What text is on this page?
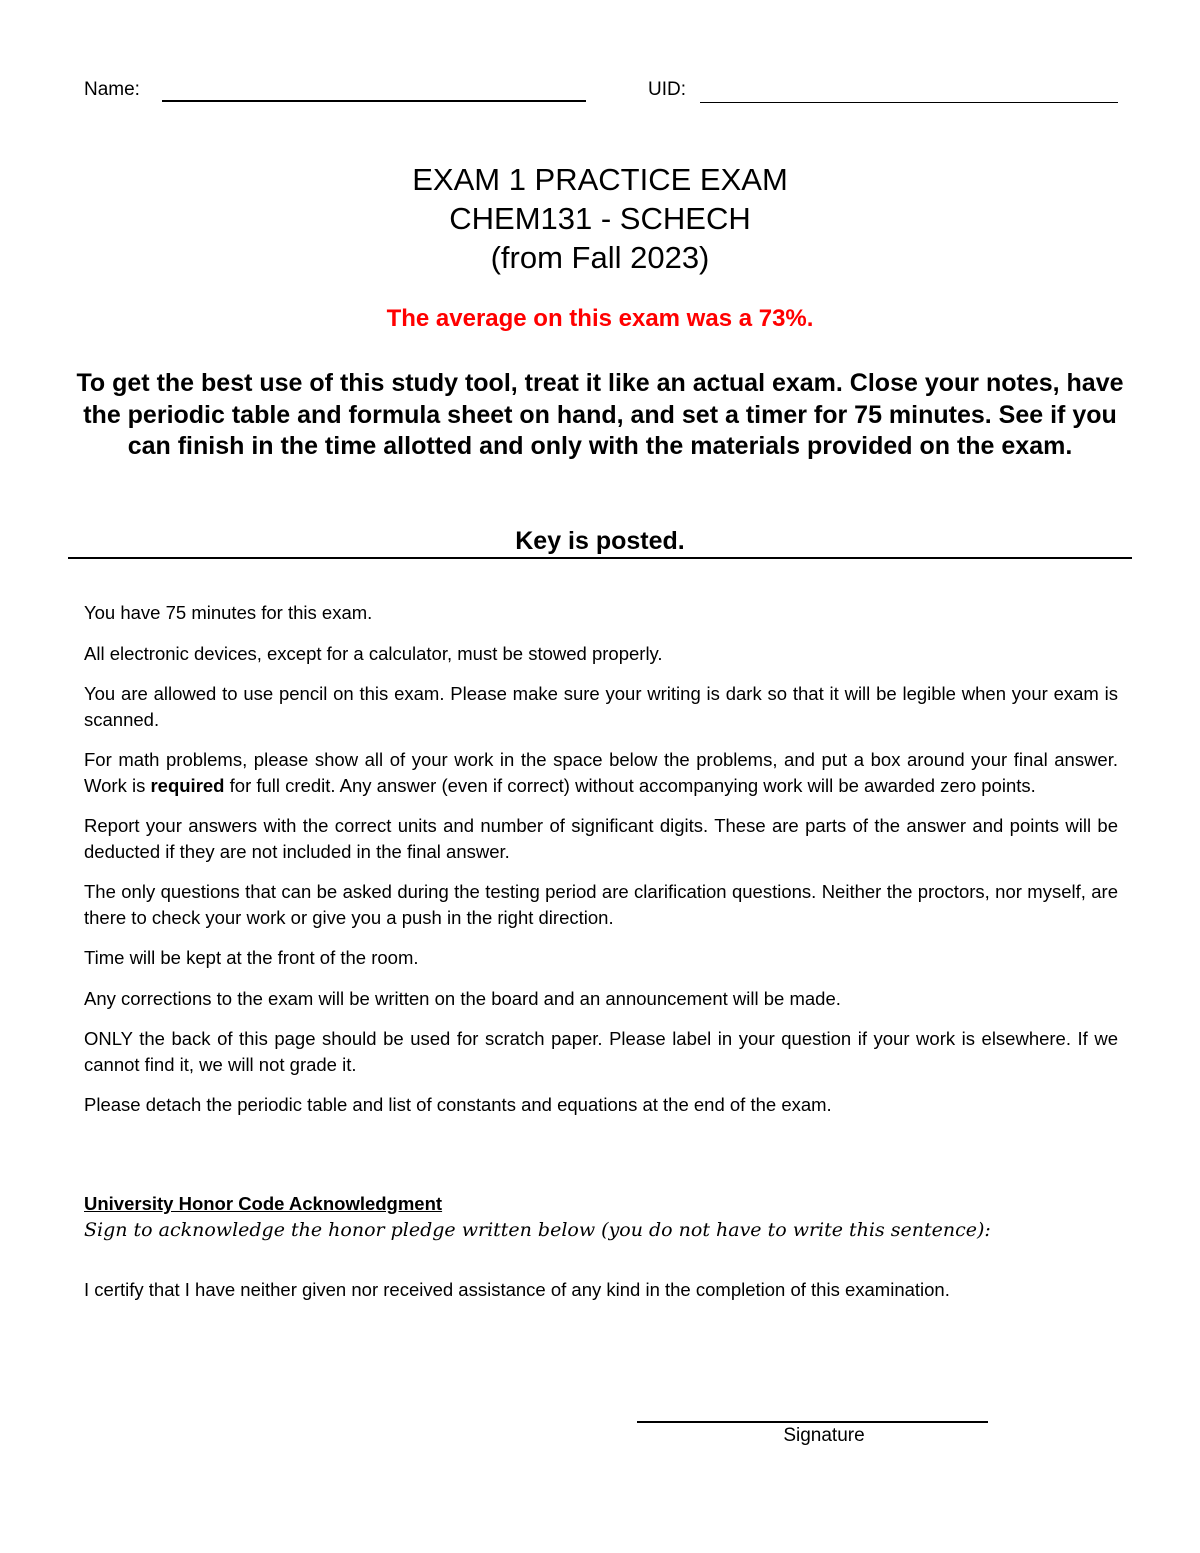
Name:	UID:
EXAM 1 PRACTICE EXAM
CHEM131 - SCHECH
(from Fall 2023)
The average on this exam was a 73%.
To get the best use of this study tool, treat it like an actual exam. Close your notes, have the periodic table and formula sheet on hand, and set a timer for 75 minutes. See if you can finish in the time allotted and only with the materials provided on the exam.
Key is posted.

You have 75 minutes for this exam.

All electronic devices, except for a calculator, must be stowed properly.

You are allowed to use pencil on this exam. Please make sure your writing is dark so that it will be legible when your exam is scanned.

For math problems, please show all of your work in the space below the problems, and put a box around your final answer. Work is required for full credit. Any answer (even if correct) without accompanying work will be awarded zero points.

Report your answers with the correct units and number of significant digits. These are parts of the answer and points will be deducted if they are not included in the final answer.

The only questions that can be asked during the testing period are clarification questions. Neither the proctors, nor myself, are there to check your work or give you a push in the right direction.

Time will be kept at the front of the room.

Any corrections to the exam will be written on the board and an announcement will be made.

ONLY the back of this page should be used for scratch paper. Please label in your question if your work is elsewhere. If we cannot find it, we will not grade it.

Please detach the periodic table and list of constants and equations at the end of the exam.

University Honor Code Acknowledgment
Sign to acknowledge the honor pledge written below (you do not have to write this sentence):
I certify that I have neither given nor received assistance of any kind in the completion of this examination.
Signature
